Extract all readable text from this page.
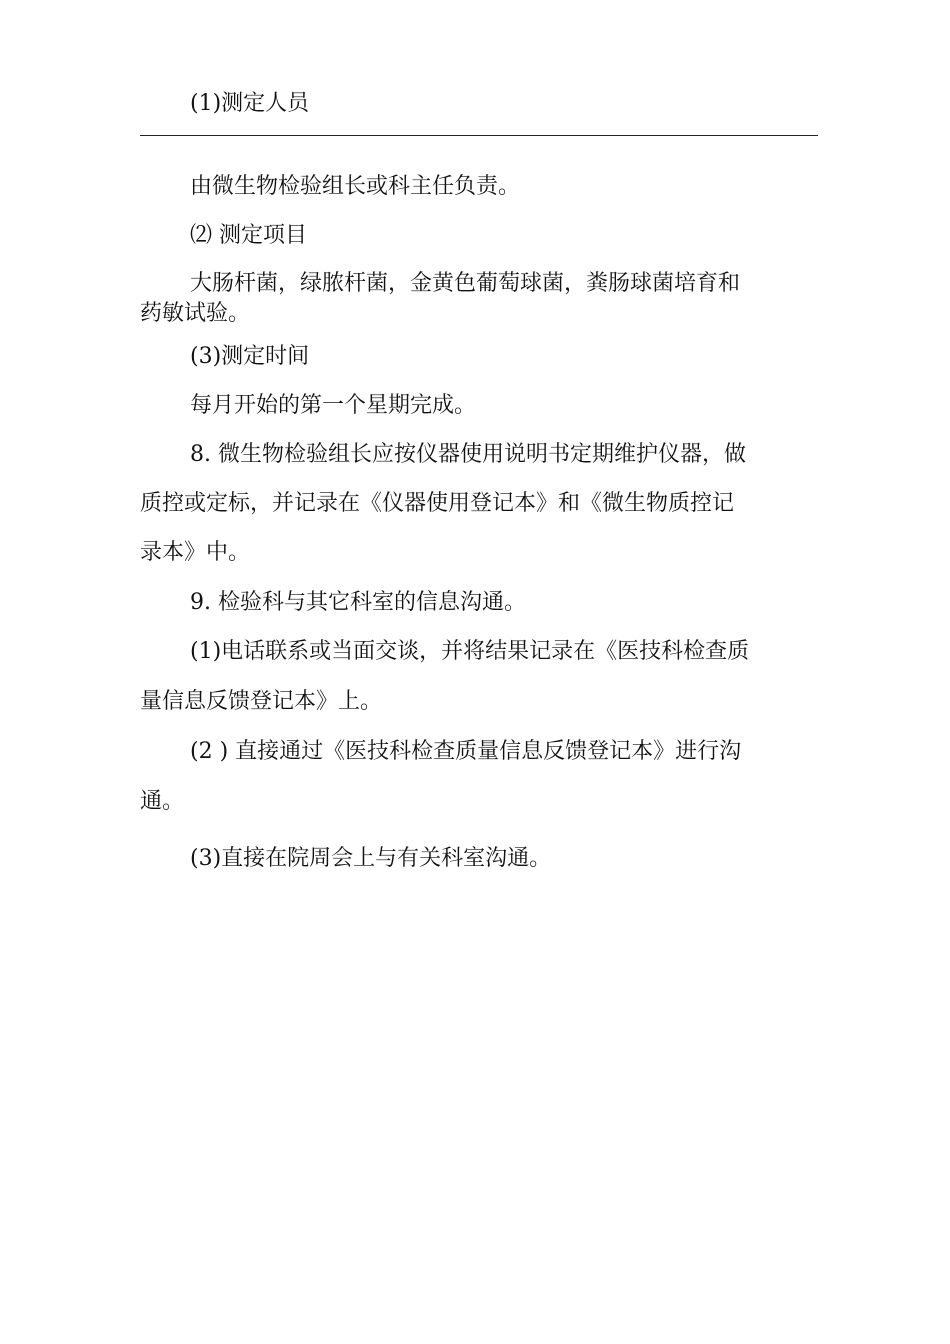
(1)测定人员
由微生物检验组长或科主任负责。
⑵ 测定项目
大肠杆菌，绿脓杆菌，金黄色葡萄球菌，粪肠球菌培育和
药敏试验。
(3)测定时间
每月开始的第一个星期完成。
8. 微生物检验组长应按仪器使用说明书定期维护仪器，做
质控或定标，并记录在《仪器使用登记本》和《微生物质控记
录本》中。
9. 检验科与其它科室的信息沟通。
(1)电话联系或当面交谈，并将结果记录在《医技科检查质
量信息反馈登记本》上。
(2 ) 直接通过《医技科检查质量信息反馈登记本》进行沟
通。
(3)直接在院周会上与有关科室沟通。
